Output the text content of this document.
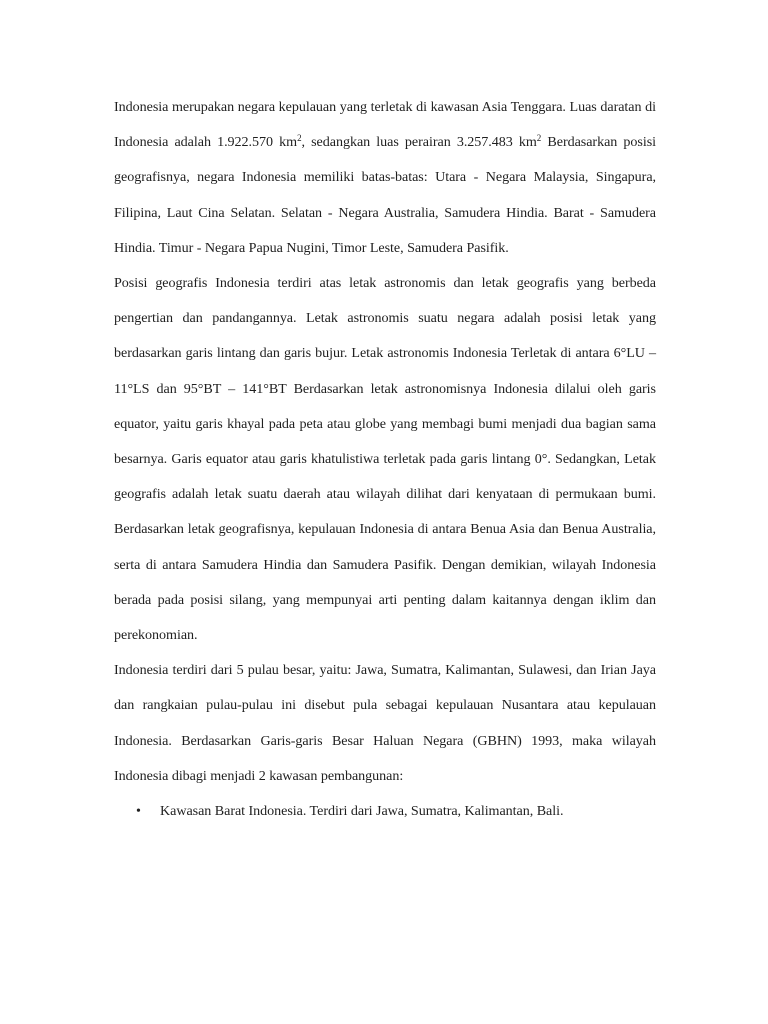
Indonesia merupakan negara kepulauan yang terletak di kawasan Asia Tenggara. Luas daratan di Indonesia adalah 1.922.570 $km^2$, sedangkan luas perairan 3.257.483 $km^2$ Berdasarkan posisi geografisnya, negara Indonesia memiliki batas-batas: Utara - Negara Malaysia, Singapura, Filipina, Laut Cina Selatan. Selatan - Negara Australia, Samudera Hindia. Barat - Samudera Hindia. Timur - Negara Papua Nugini, Timor Leste, Samudera Pasifik.

Posisi geografis Indonesia terdiri atas letak astronomis dan letak geografis yang berbeda pengertian dan pandangannya. Letak astronomis suatu negara adalah posisi letak yang berdasarkan garis lintang dan garis bujur. Letak astronomis Indonesia Terletak di antara 6°LU – 11°LS dan 95°BT – 141°BT Berdasarkan letak astronomisnya Indonesia dilalui oleh garis equator, yaitu garis khayal pada peta atau globe yang membagi bumi menjadi dua bagian sama besarnya. Garis equator atau garis khatulistiwa terletak pada garis lintang 0°. Sedangkan, Letak geografis adalah letak suatu daerah atau wilayah dilihat dari kenyataan di permukaan bumi. Berdasarkan letak geografisnya, kepulauan Indonesia di antara Benua Asia dan Benua Australia, serta di antara Samudera Hindia dan Samudera Pasifik. Dengan demikian, wilayah Indonesia berada pada posisi silang, yang mempunyai arti penting dalam kaitannya dengan iklim dan perekonomian.

Indonesia terdiri dari 5 pulau besar, yaitu: Jawa, Sumatra, Kalimantan, Sulawesi, dan Irian Jaya dan rangkaian pulau-pulau ini disebut pula sebagai kepulauan Nusantara atau kepulauan Indonesia. Berdasarkan Garis-garis Besar Haluan Negara (GBHN) 1993, maka wilayah Indonesia dibagi menjadi 2 kawasan pembangunan:

• Kawasan Barat Indonesia. Terdiri dari Jawa, Sumatra, Kalimantan, Bali.
